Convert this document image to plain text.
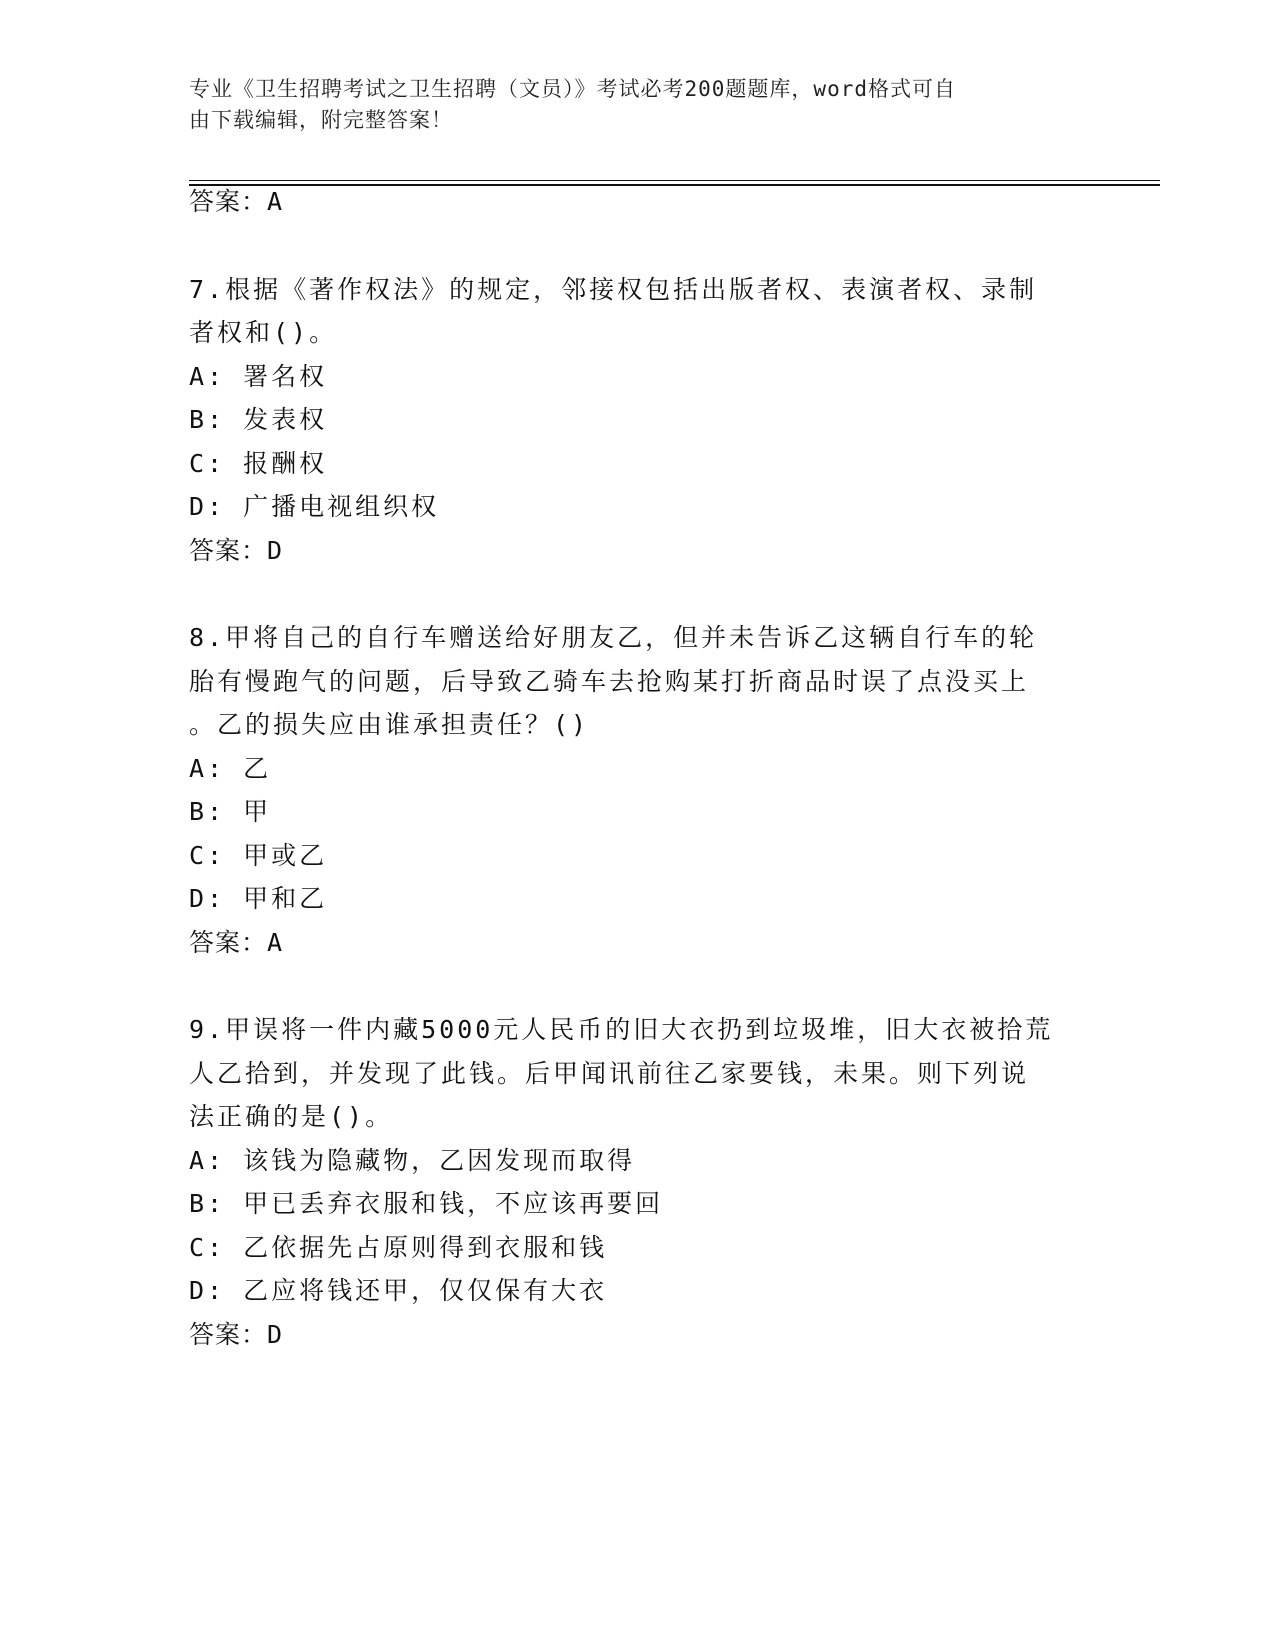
专业《卫生招聘考试之卫生招聘（文员）》考试必考200题题库，word格式可自
由下载编辑，附完整答案！
答案：A
7.根据《著作权法》的规定，邻接权包括出版者权、表演者权、录制
者权和()。
A: 署名权
B: 发表权
C: 报酬权
D: 广播电视组织权
答案：D
8.甲将自己的自行车赠送给好朋友乙，但并未告诉乙这辆自行车的轮
胎有慢跑气的问题，后导致乙骑车去抢购某打折商品时误了点没买上
。乙的损失应由谁承担责任？()
A: 乙
B: 甲
C: 甲或乙
D: 甲和乙
答案：A
9.甲误将一件内藏5000元人民币的旧大衣扔到垃圾堆，旧大衣被拾荒
人乙拾到，并发现了此钱。后甲闻讯前往乙家要钱，未果。则下列说
法正确的是()。
A: 该钱为隐藏物，乙因发现而取得
B: 甲已丢弃衣服和钱，不应该再要回
C: 乙依据先占原则得到衣服和钱
D: 乙应将钱还甲，仅仅保有大衣
答案：D
